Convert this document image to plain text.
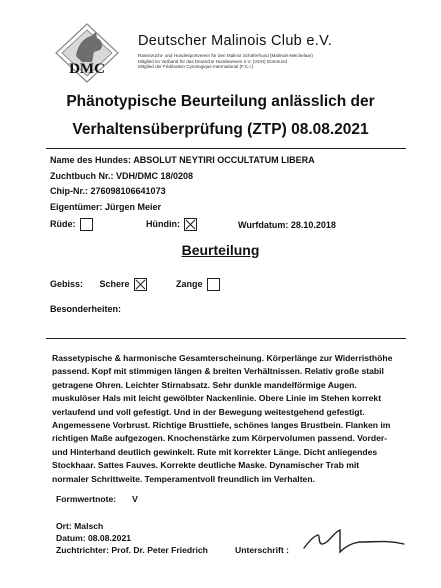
DMC
Deutscher Malinois Club e.V.
Rassezucht- und Hundesportverein für den Malinoi Schäferhund (Malinois-Mechelaar)
Mitglied im Verband für das Deutsche Hundewesen e.V. (VDH) Dortmund
Mitglied der Fédération Cynologique International (F.C.I.)
Phänotypische Beurteilung anlässlich der
Verhaltensüberprüfung (ZTP) 08.08.2021
Name des Hundes: ABSOLUT NEYTIRI OCCULTATUM LIBERA
Zuchtbuch Nr.: VDH/DMC 18/0208
Chip-Nr.: 276098106641073
Eigentümer: Jürgen Meier
Rüde:	Hündin:	Wurfdatum: 28.10.2018
Beurteilung
Gebiss: Schere	Zange
Besonderheiten:
Rassetypische & harmonische Gesamterscheinung. Körperlänge zur Widerristhöhe
passend. Kopf mit stimmigen längen & breiten Verhältnissen. Relativ große stabil
getragene Ohren. Leichter Stirnabsatz. Sehr dunkle mandelförmige Augen.
muskulöser Hals mit leicht gewölbter Nackenlinie. Obere Linie im Stehen korrekt
verlaufend und voll gefestigt. Und in der Bewegung weitestgehend gefestigt.
Angemessene Vorbrust. Richtige Brusttiefe, schönes langes Brustbein. Flanken im
richtigen Maße aufgezogen. Knochenstärke zum Körpervolumen passend. Vorder-
und Hinterhand deutlich gewinkelt. Rute mit korrekter Länge. Dicht anliegendes
Stockhaar. Sattes Fauves. Korrekte deutliche Maske. Dynamischer Trab mit
normaler Schrittweite. Temperamentvoll freundlich im Verhalten.
Formwertnote: V
Ort: Malsch
Datum: 08.08.2021
Zuchtrichter: Prof. Dr. Peter Friedrich	Unterschrift :
